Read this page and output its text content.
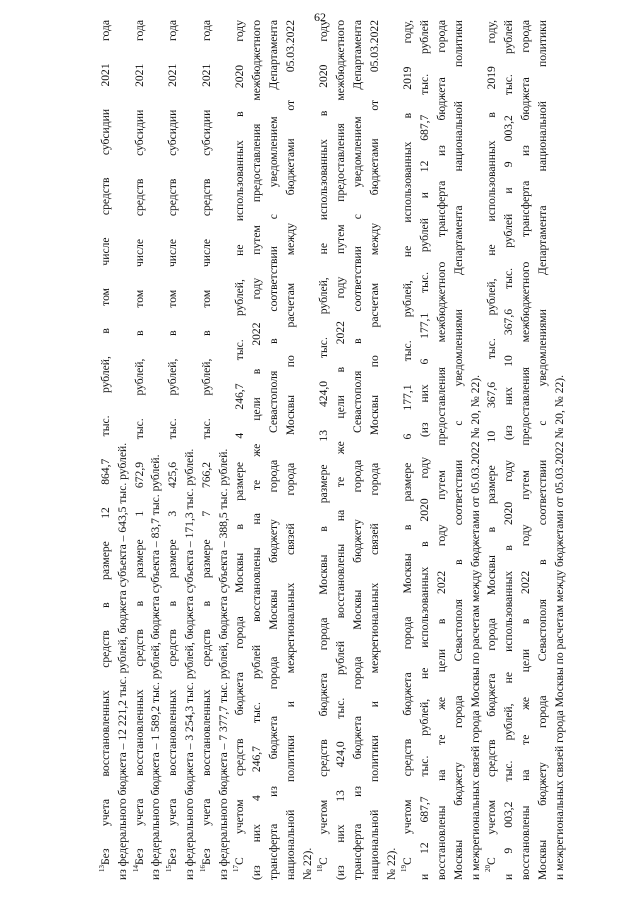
62
$^{13}$Без учета восстановленных средств в размере 12 864,7 тыс. рублей, в том числе средств субсидии 2021 года из федерального бюджета – 12 221,2 тыс. рублей, бюджета субъекта – 643,5 тыс. рублей. $^{14}$Без учета восстановленных средств в размере 1 672,9 тыс. рублей, в том числе средств субсидии 2021 года из федерального бюджета – 1 589,2 тыс. рублей, бюджета субъекта – 83,7 тыс. рублей. $^{15}$Без учета восстановленных средств в размере 3 425,6 тыс. рублей, в том числе средств субсидии 2021 года из федерального бюджета – 3 254,3 тыс. рублей, бюджета субъекта – 171,3 тыс. рублей. $^{16}$Без учета восстановленных средств в размере 7 766,2 тыс. рублей, в том числе средств субсидии 2021 года из федерального бюджета – 7 377,7 тыс. рублей, бюджета субъекта – 388,5 тыс. рублей. $^{17}$С учетом средств бюджета города Москвы в размере 4 246,7 тыс. рублей, не использованных в 2020 году (из них 4 246,7 тыс. рублей восстановлены на те же цели в 2022 году путем предоставления межбюджетного трансферта из бюджета города Москвы бюджету города Севастополя в соответствии с уведомлением Департамента национальной политики и межрегиональных связей города Москвы по расчетам между бюджетами от 05.03.2022 № 22). $^{18}$С учетом средств бюджета города Москвы в размере 13 424,0 тыс. рублей, не использованных в 2020 году (из них 13 424,0 тыс. рублей восстановлены на те же цели в 2022 году путем предоставления межбюджетного трансферта из бюджета города Москвы бюджету города Севастополя в соответствии с уведомлением Департамента национальной политики и межрегиональных связей города Москвы по расчетам между бюджетами от 05.03.2022 № 22). $^{19}$С учетом средств бюджета города Москвы в размере 6 177,1 тыс. рублей, не использованных в 2019 году, и 12 687,7 тыс. рублей, не использованных в 2020 году (из них 6 177,1 тыс. рублей и 12 687,7 тыс. рублей восстановлены на те же цели в 2022 году путем предоставления межбюджетного трансферта из бюджета города Москвы бюджету города Севастополя в соответствии с уведомлениями Департамента национальной политики и межрегиональных связей города Москвы по расчетам между бюджетами от 05.03.2022 № 20, № 22). $^{20}$С учетом средств бюджета города Москвы в размере 10 367,6 тыс. рублей, не использованных в 2019 году, и 9 003,2 тыс. рублей, не использованных в 2020 году (из них 10 367,6 тыс. рублей и 9 003,2 тыс. рублей восстановлены на те же цели в 2022 году путем предоставления межбюджетного трансферта из бюджета города Москвы бюджету города Севастополя в соответствии с уведомлениями Департамента национальной политики и межрегиональных связей города Москвы по расчетам между бюджетами от 05.03.2022 № 20, № 22).
